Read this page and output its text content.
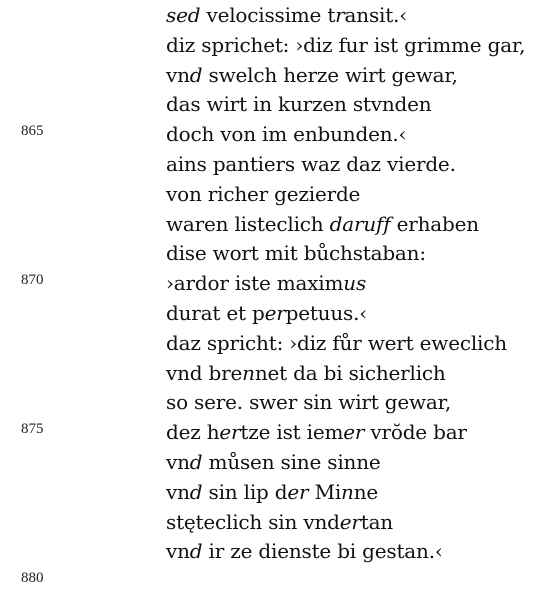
865
870
875
880
sed velocissime transit.‹
diz sprichet: ›diz fur ist grimme gar,
vnd swelch herze wirt gewar,
das wirt in kurzen stvnden
doch von im enbunden.‹
ains pantiers waz daz vierde.
von richer gezierde
waren listeclich daruff erhaben
dise wort mit bůchstaban:
›ardor iste maximus
durat et perpetuus.‹
daz spricht: ›diz fůr wert eweclich
vnd brennet da bi sicherlich
so sere. swer sin wirt gewar,
dez hertze ist iemer vrŏde bar
vnd můsen sine sinne
vnd sin lip der Minne
stęteclich sin vndertan
vnd ir ze dienste bi gestan.‹
